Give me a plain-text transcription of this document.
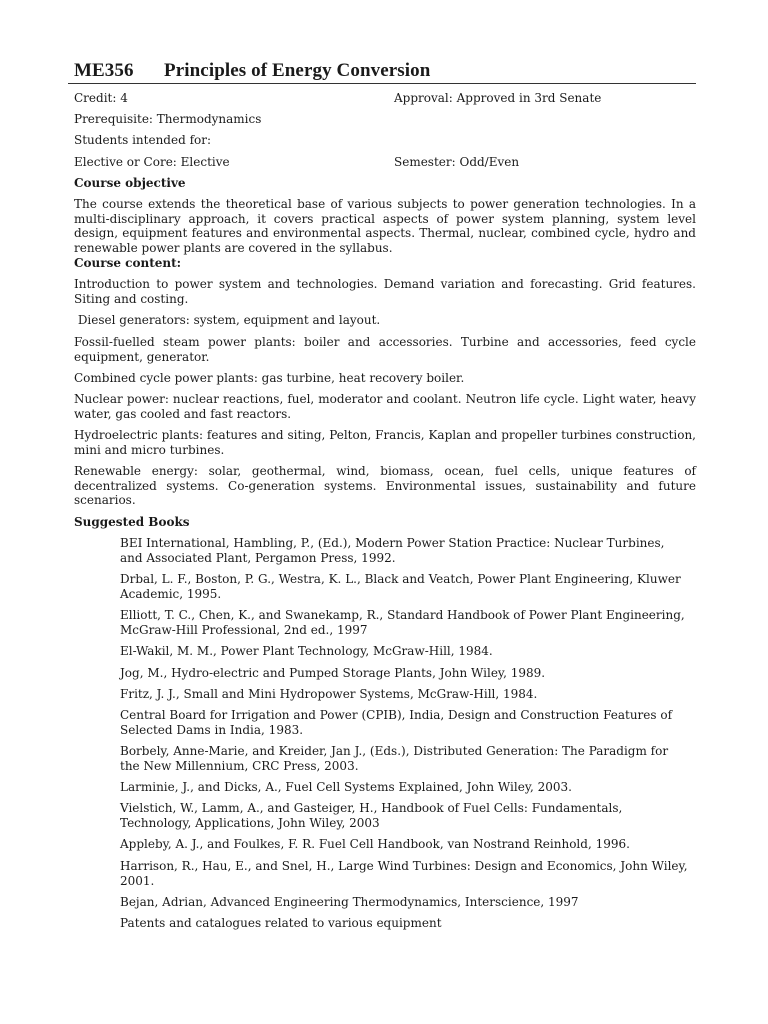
ME356 Principles of Energy Conversion
Credit: 4	Approval: Approved in 3rd Senate
Prerequisite: Thermodynamics
Students intended for:
Elective or Core: Elective	Semester: Odd/Even
Course objective
The course extends the theoretical base of various subjects to power generation technologies. In a multi-disciplinary approach, it covers practical aspects of power system planning, system level design, equipment features and environmental aspects. Thermal, nuclear, combined cycle, hydro and renewable power plants are covered in the syllabus.
Course content:
Introduction to power system and technologies. Demand variation and forecasting. Grid features. Siting and costing.
Diesel generators: system, equipment and layout.
Fossil-fuelled steam power plants: boiler and accessories. Turbine and accessories, feed cycle equipment, generator.
Combined cycle power plants: gas turbine, heat recovery boiler.
Nuclear power: nuclear reactions, fuel, moderator and coolant. Neutron life cycle. Light water, heavy water, gas cooled and fast reactors.
Hydroelectric plants: features and siting, Pelton, Francis, Kaplan and propeller turbines construction, mini and micro turbines.
Renewable energy: solar, geothermal, wind, biomass, ocean, fuel cells, unique features of decentralized systems. Co-generation systems. Environmental issues, sustainability and future scenarios.
Suggested Books
BEI International, Hambling, P., (Ed.), Modern Power Station Practice: Nuclear Turbines, and Associated Plant, Pergamon Press, 1992.
Drbal, L. F., Boston, P. G., Westra, K. L., Black and Veatch, Power Plant Engineering, Kluwer Academic, 1995.
Elliott, T. C., Chen, K., and Swanekamp, R., Standard Handbook of Power Plant Engineering, McGraw-Hill Professional, 2nd ed., 1997
El-Wakil, M. M., Power Plant Technology, McGraw-Hill, 1984.
Jog, M., Hydro-electric and Pumped Storage Plants, John Wiley, 1989.
Fritz, J. J., Small and Mini Hydropower Systems, McGraw-Hill, 1984.
Central Board for Irrigation and Power (CPIB), India, Design and Construction Features of Selected Dams in India, 1983.
Borbely, Anne-Marie, and Kreider, Jan J., (Eds.), Distributed Generation: The Paradigm for the New Millennium, CRC Press, 2003.
Larminie, J., and Dicks, A., Fuel Cell Systems Explained, John Wiley, 2003.
Vielstich, W., Lamm, A., and Gasteiger, H., Handbook of Fuel Cells: Fundamentals, Technology, Applications, John Wiley, 2003
Appleby, A. J., and Foulkes, F. R. Fuel Cell Handbook, van Nostrand Reinhold, 1996.
Harrison, R., Hau, E., and Snel, H., Large Wind Turbines: Design and Economics, John Wiley, 2001.
Bejan, Adrian, Advanced Engineering Thermodynamics, Interscience, 1997
Patents and catalogues related to various equipment
